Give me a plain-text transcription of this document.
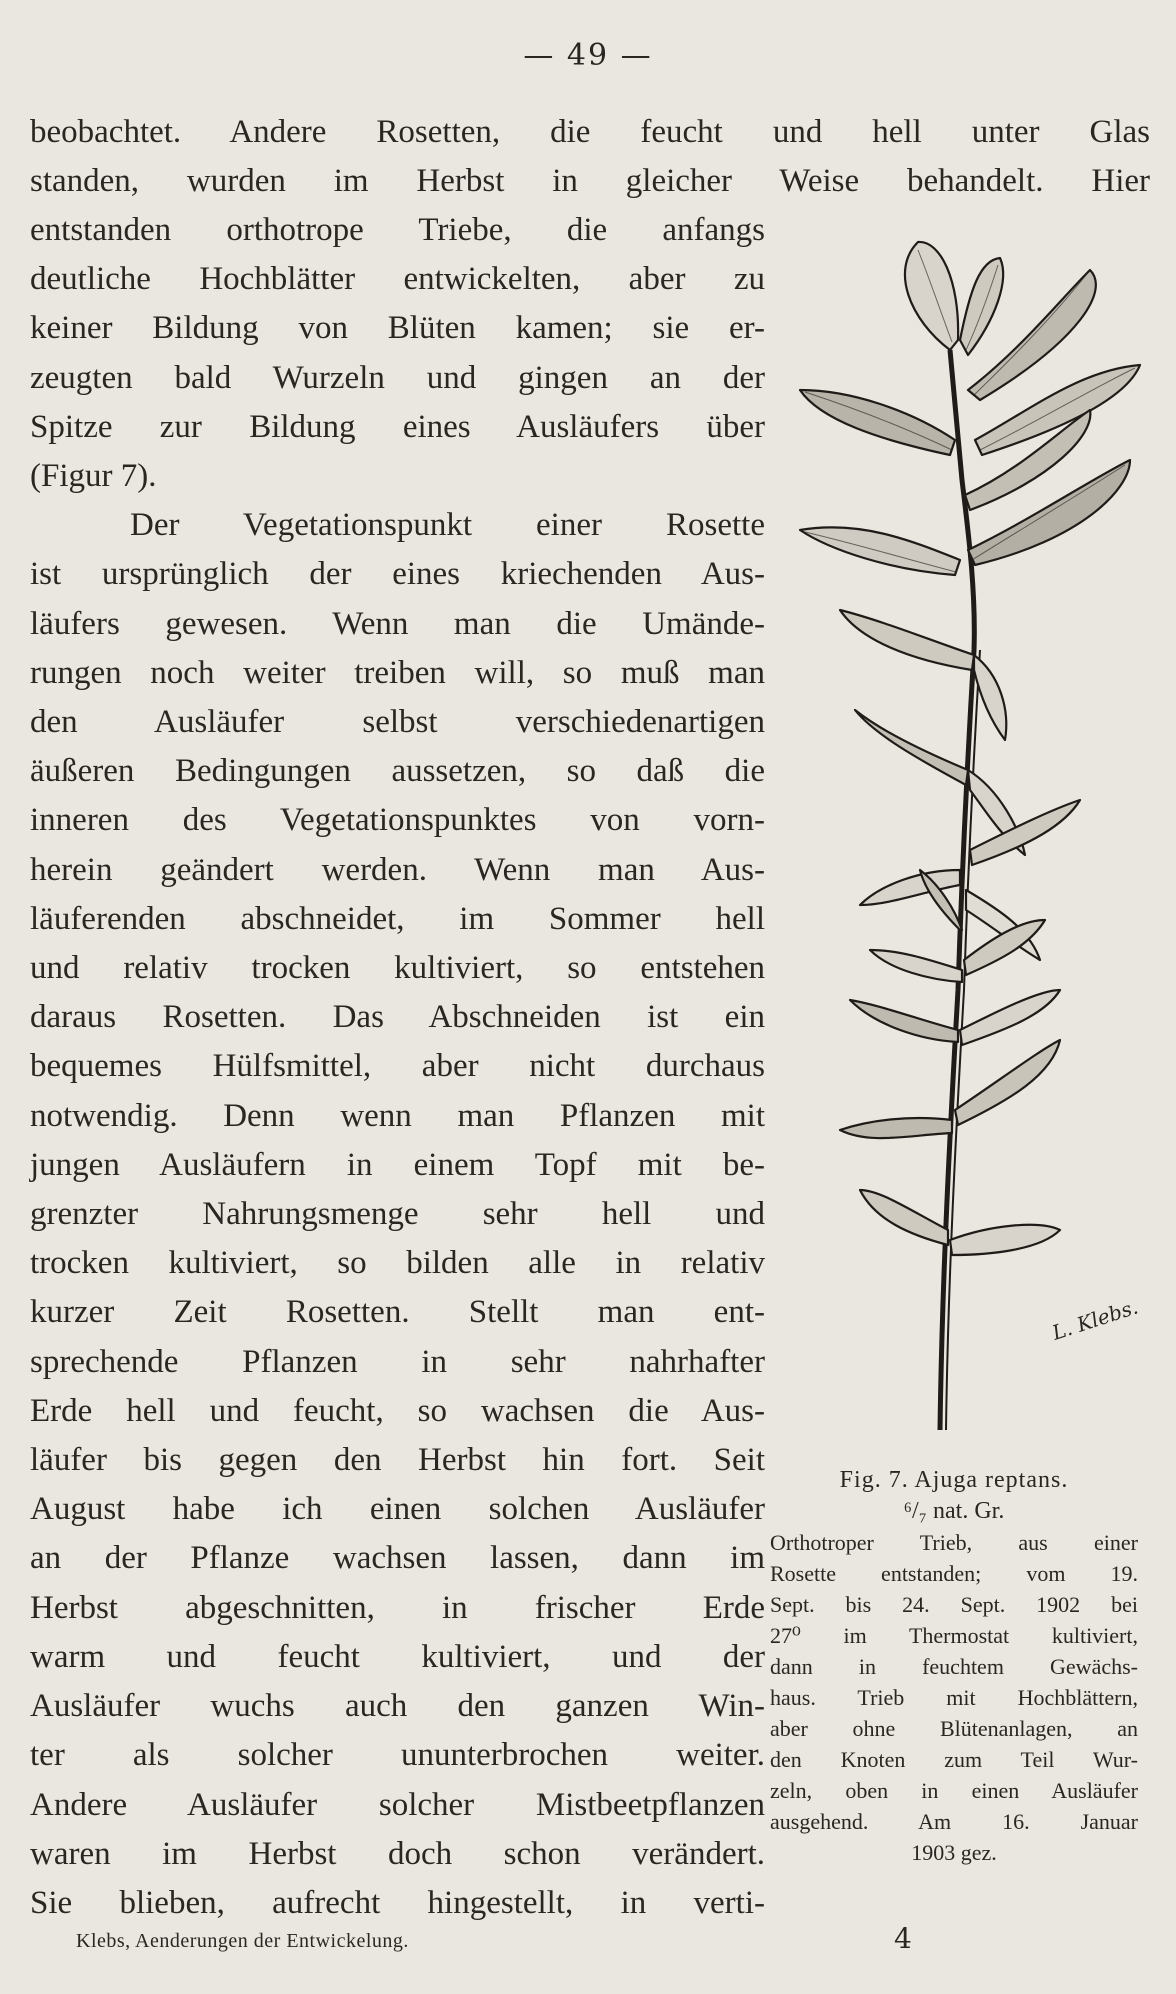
— 49 —
beobachtet. Andere Rosetten, die feucht und hell unter Glas
standen, wurden im Herbst in gleicher Weise behandelt. Hier
entstanden orthotrope Triebe, die anfangs
deutliche Hochblätter entwickelten, aber zu
keiner Bildung von Blüten kamen; sie er-
zeugten bald Wurzeln und gingen an der
Spitze zur Bildung eines Ausläufers über
(Figur 7).
Der Vegetationspunkt einer Rosette
ist ursprünglich der eines kriechenden Aus-
läufers gewesen. Wenn man die Umände-
rungen noch weiter treiben will, so muß man
den Ausläufer selbst verschiedenartigen
äußeren Bedingungen aussetzen, so daß die
inneren des Vegetationspunktes von vorn-
herein geändert werden. Wenn man Aus-
läuferenden abschneidet, im Sommer hell
und relativ trocken kultiviert, so entstehen
daraus Rosetten. Das Abschneiden ist ein
bequemes Hülfsmittel, aber nicht durchaus
notwendig. Denn wenn man Pflanzen mit
jungen Ausläufern in einem Topf mit be-
grenzter Nahrungsmenge sehr hell und
trocken kultiviert, so bilden alle in relativ
kurzer Zeit Rosetten. Stellt man ent-
sprechende Pflanzen in sehr nahrhafter
Erde hell und feucht, so wachsen die Aus-
läufer bis gegen den Herbst hin fort. Seit
August habe ich einen solchen Ausläufer
an der Pflanze wachsen lassen, dann im
Herbst abgeschnitten, in frischer Erde
warm und feucht kultiviert, und der
Ausläufer wuchs auch den ganzen Win-
ter als solcher ununterbrochen weiter.
Andere Ausläufer solcher Mistbeetpflanzen
waren im Herbst doch schon verändert.
Sie blieben, aufrecht hingestellt, in verti-
L. Klebs.
Fig. 7. Ajuga reptans.
⁶/₇ nat. Gr.
Orthotroper Trieb, aus einer
Rosette entstanden; vom 19.
Sept. bis 24. Sept. 1902 bei
27⁰ im Thermostat kultiviert,
dann in feuchtem Gewächs-
haus. Trieb mit Hochblättern,
aber ohne Blütenanlagen, an
den Knoten zum Teil Wur-
zeln, oben in einen Ausläufer
ausgehend. Am 16. Januar
1903 gez.
Klebs, Aenderungen der Entwickelung.	4
